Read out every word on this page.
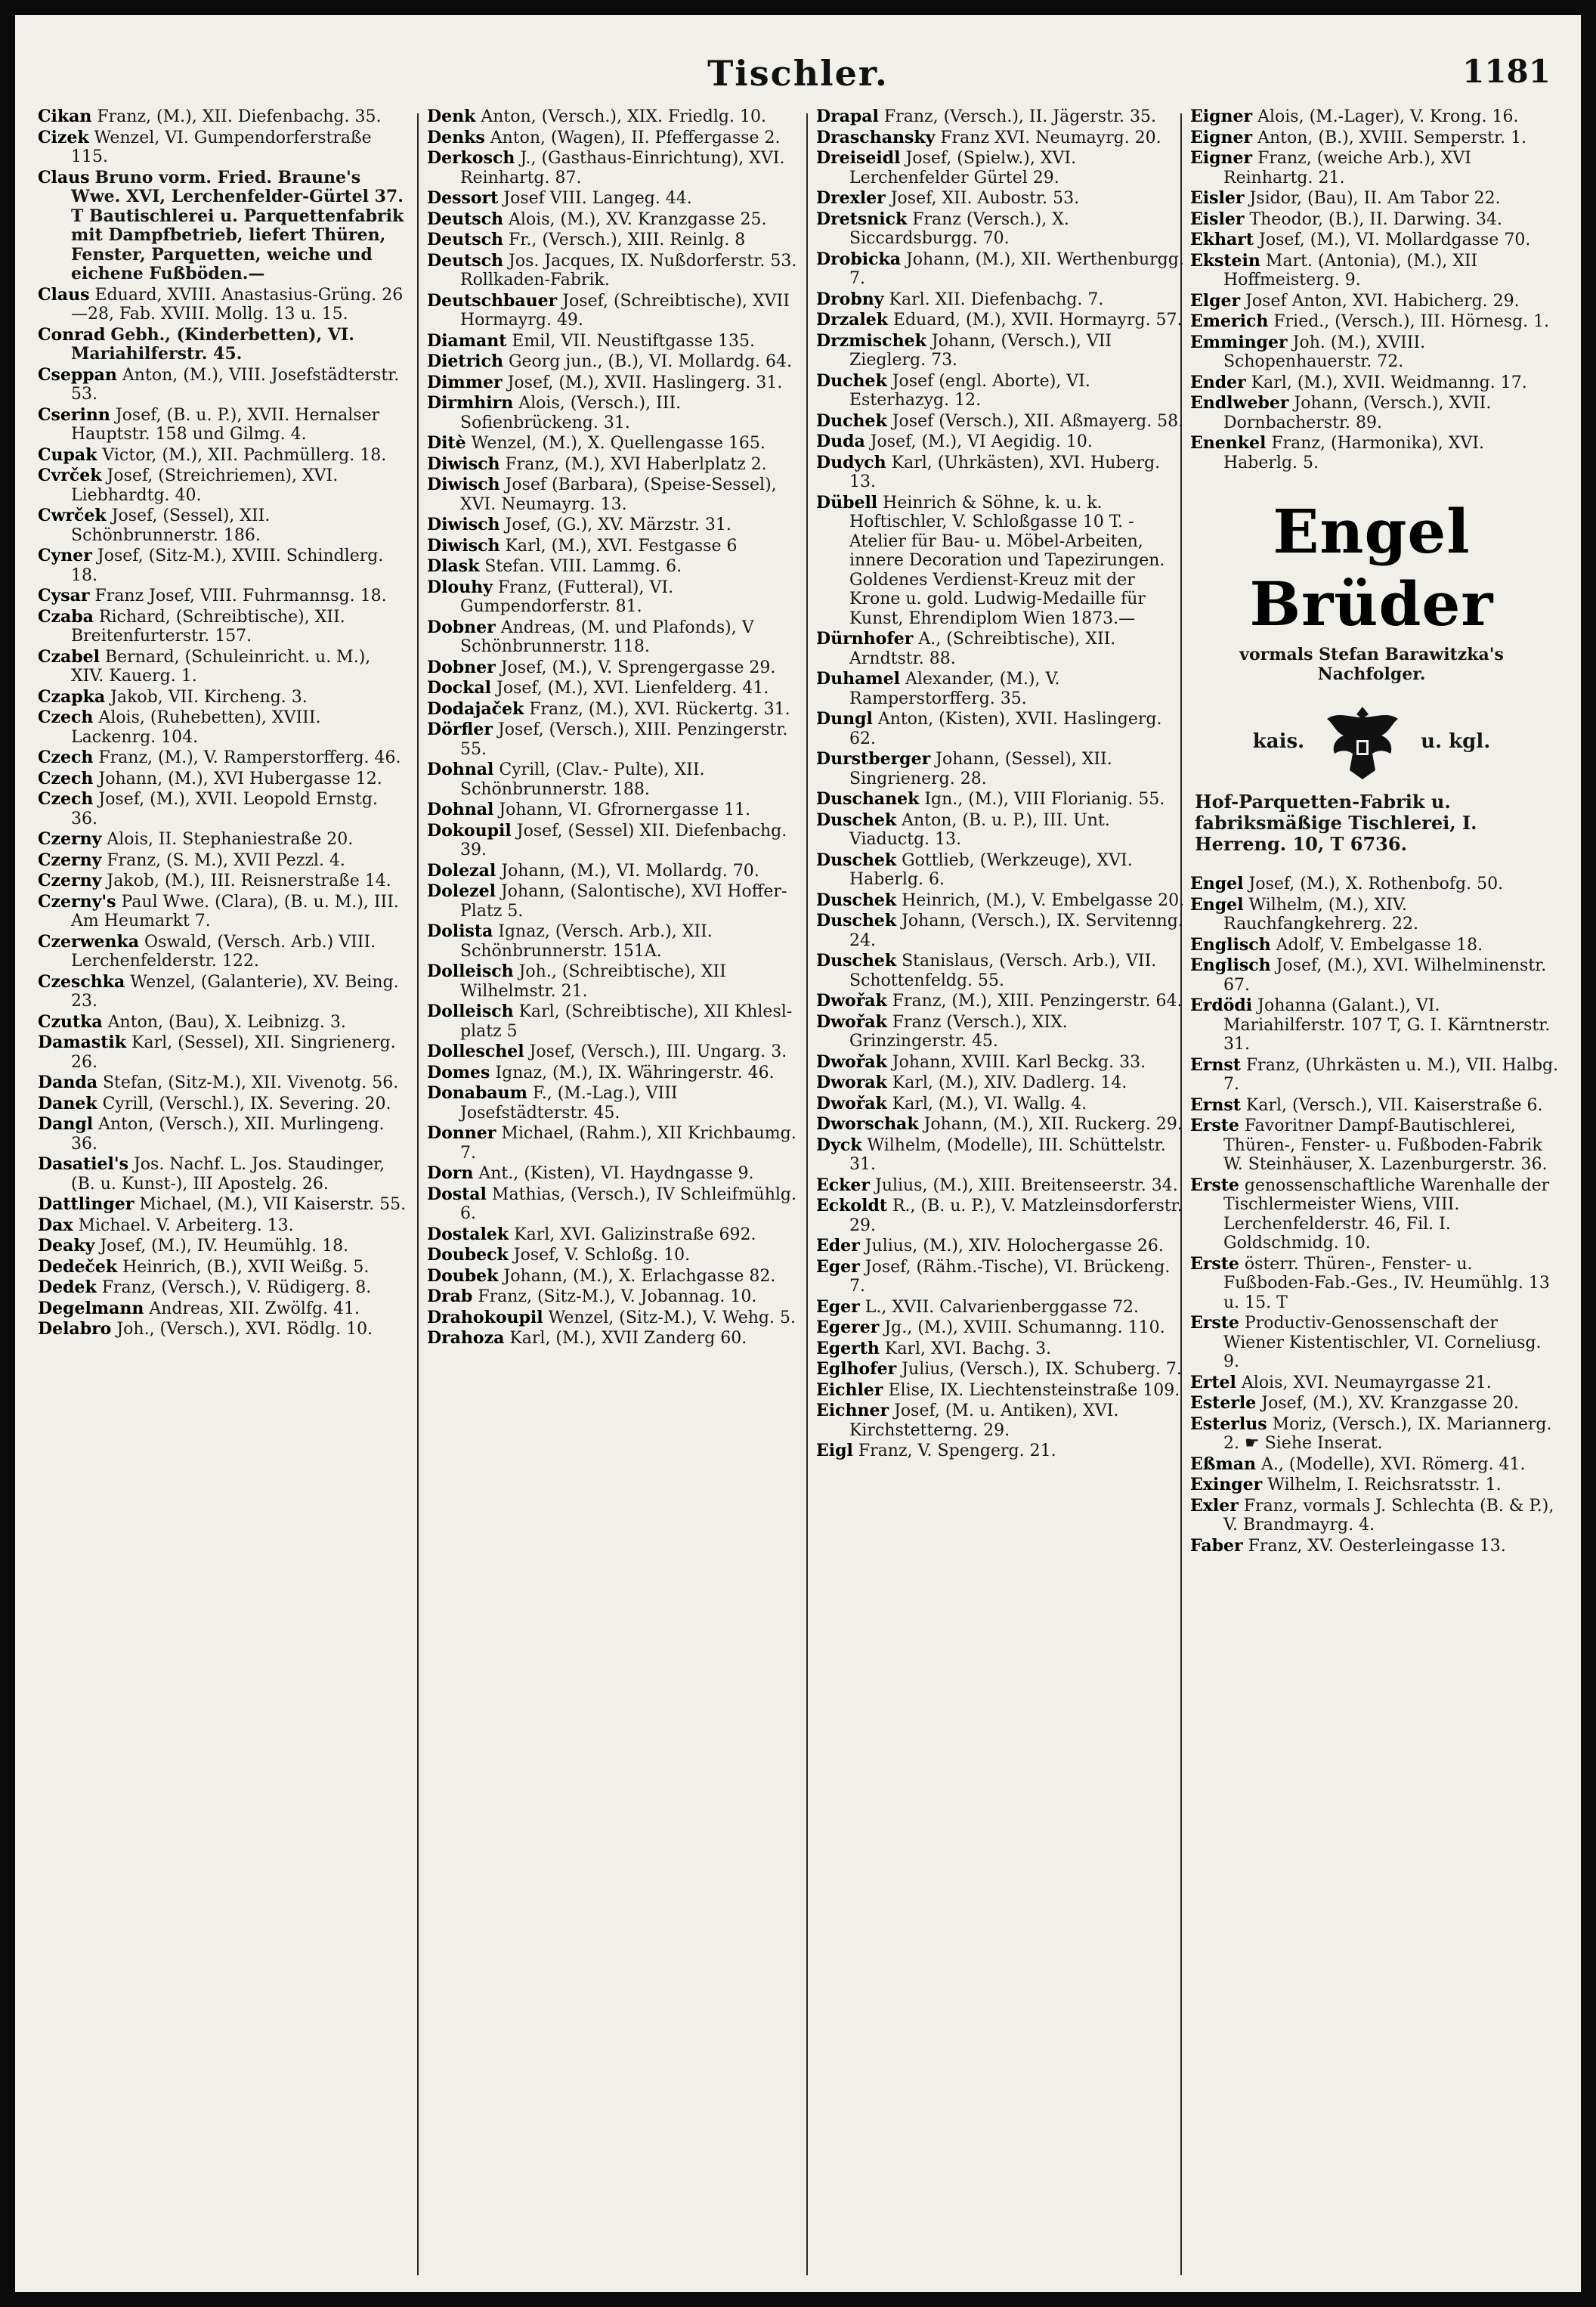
Tischler.	1181
Cikan Franz, (M.), XII. Diefenbachg. 35.
Cizek Wenzel, VI. Gumpendorferstraße 115.
Claus Bruno vorm. Fried. Braune's Wwe. XVI, Lerchenfelder-Gürtel 37. T Bautischlerei u. Parquettenfabrik mit Dampfbetrieb, liefert Thüren, Fenster, Parquetten, weiche und eichene Fußböden.—
Claus Eduard, XVIII. Anastasius-Grüng. 26—28, Fab. XVIII. Mollg. 13 u. 15.
Conrad Gebh., (Kinderbetten), VI. Mariahilferstr. 45.
Cseppan Anton, (M.), VIII. Josefstädterstr. 53.
Cserinn Josef, (B. u. P.), XVII. Hernalser Hauptstr. 158 und Gilmg. 4.
Cupak Victor, (M.), XII. Pachmüllerg. 18.
Cvrček Josef, (Streichriemen), XVI. Liebhardtg. 40.
Cwrček Josef, (Sessel), XII. Schönbrunnerstr. 186.
Cyner Josef, (Sitz-M.), XVIII. Schindlerg. 18.
Cysar Franz Josef, VIII. Fuhrmannsg. 18.
Czaba Richard, (Schreibtische), XII. Breitenfurterstr. 157.
Czabel Bernard, (Schuleinricht. u. M.), XIV. Kauerg. 1.
Czapka Jakob, VII. Kircheng. 3.
Czech Alois, (Ruhebetten), XVIII. Lackenrg. 104.
Czech Franz, (M.), V. Ramperstorfferg. 46.
Czech Johann, (M.), XVI Hubergasse 12.
Czech Josef, (M.), XVII. Leopold Ernstg. 36.
Czerny Alois, II. Stephaniestraße 20.
Czerny Franz, (S. M.), XVII Pezzl. 4.
Czerny Jakob, (M.), III. Reisnerstraße 14.
Czerny's Paul Wwe. (Clara), (B. u. M.), III. Am Heumarkt 7.
Czerwenka Oswald, (Versch. Arb.) VIII. Lerchenfelderstr. 122.
Czeschka Wenzel, (Galanterie), XV. Being. 23.
Czutka Anton, (Bau), X. Leibnizg. 3.
Damastik Karl, (Sessel), XII. Singrienerg. 26.
Danda Stefan, (Sitz-M.), XII. Vivenotg. 56.
Danek Cyrill, (Verschl.), IX. Severing. 20.
Dangl Anton, (Versch.), XII. Murlingeng. 36.
Dasatiel's Jos. Nachf. L. Jos. Staudinger, (B. u. Kunst-), III Apostelg. 26.
Dattlinger Michael, (M.), VII Kaiserstr. 55.
Dax Michael. V. Arbeiterg. 13.
Deaky Josef, (M.), IV. Heumühlg. 18.
Dedeček Heinrich, (B.), XVII Weißg. 5.
Dedek Franz, (Versch.), V. Rüdigerg. 8.
Degelmann Andreas, XII. Zwölfg. 41.
Delabro Joh., (Versch.), XVI. Rödlg. 10.
Denk Anton, (Versch.), XIX. Friedlg. 10.
Denks Anton, (Wagen), II. Pfeffergasse 2.
Derkosch J., (Gasthaus-Einrichtung), XVI. Reinhartg. 87.
Dessort Josef VIII. Langeg. 44.
Deutsch Alois, (M.), XV. Kranzgasse 25.
Deutsch Fr., (Versch.), XIII. Reinlg. 8
Deutsch Jos. Jacques, IX. Nußdorferstr. 53. Rollkaden-Fabrik.
Deutschbauer Josef, (Schreibtische), XVII Hormayrg. 49.
Diamant Emil, VII. Neustiftgasse 135.
Dietrich Georg jun., (B.), VI. Mollardg. 64.
Dimmer Josef, (M.), XVII. Haslingerg. 31.
Dirmhirn Alois, (Versch.), III. Sofienbrückeng. 31.
Ditè Wenzel, (M.), X. Quellengasse 165.
Diwisch Franz, (M.), XVI Haberlplatz 2.
Diwisch Josef (Barbara), (Speise-Sessel), XVI. Neumayrg. 13.
Diwisch Josef, (G.), XV. Märzstr. 31.
Diwisch Karl, (M.), XVI. Festgasse 6
Dlask Stefan. VIII. Lammg. 6.
Dlouhy Franz, (Futteral), VI. Gumpendorferstr. 81.
Dobner Andreas, (M. und Plafonds), V Schönbrunnerstr. 118.
Dobner Josef, (M.), V. Sprengergasse 29.
Dockal Josef, (M.), XVI. Lienfelderg. 41.
Dodajaček Franz, (M.), XVI. Rückertg. 31.
Dörfler Josef, (Versch.), XIII. Penzingerstr. 55.
Dohnal Cyrill, (Clav.- Pulte), XII. Schönbrunnerstr. 188.
Dohnal Johann, VI. Gfrornergasse 11.
Dokoupil Josef, (Sessel) XII. Diefenbachg. 39.
Dolezal Johann, (M.), VI. Mollardg. 70.
Dolezel Johann, (Salontische), XVI Hoffer-Platz 5.
Dolista Ignaz, (Versch. Arb.), XII. Schönbrunnerstr. 151A.
Dolleisch Joh., (Schreibtische), XII Wilhelmstr. 21.
Dolleisch Karl, (Schreibtische), XII Khleslplatz 5
Dolleschel Josef, (Versch.), III. Ungarg. 3.
Domes Ignaz, (M.), IX. Währingerstr. 46.
Donabaum F., (M.-Lag.), VIII Josefstädterstr. 45.
Donner Michael, (Rahm.), XII Krichbaumg. 7.
Dorn Ant., (Kisten), VI. Haydngasse 9.
Dostal Mathias, (Versch.), IV Schleifmühlg. 6.
Dostalek Karl, XVI. Galizinstraße 692.
Doubeck Josef, V. Schloßg. 10.
Doubek Johann, (M.), X. Erlachgasse 82.
Drab Franz, (Sitz-M.), V. Jobannag. 10.
Drahokoupil Wenzel, (Sitz-M.), V. Wehg. 5.
Drahoza Karl, (M.), XVII Zanderg 60.
Drapal Franz, (Versch.), II. Jägerstr. 35.
Draschansky Franz XVI. Neumayrg. 20.
Dreiseidl Josef, (Spielw.), XVI. Lerchenfelder Gürtel 29.
Drexler Josef, XII. Aubostr. 53.
Dretsnick Franz (Versch.), X. Siccardsburgg. 70.
Drobicka Johann, (M.), XII. Werthenburgg. 7.
Drobny Karl. XII. Diefenbachg. 7.
Drzalek Eduard, (M.), XVII. Hormayrg. 57.
Drzmischek Johann, (Versch.), VII Zieglerg. 73.
Duchek Josef (engl. Aborte), VI. Esterhazyg. 12.
Duchek Josef (Versch.), XII. Aßmayerg. 58.
Duda Josef, (M.), VI Aegidig. 10.
Dudych Karl, (Uhrkästen), XVI. Huberg. 13.
Dübell Heinrich & Söhne, k. u. k. Hoftischler, V. Schloßgasse 10 T. -Atelier für Bau- u. Möbel-Arbeiten, innere Decoration und Tapezirungen. Goldenes Verdienst-Kreuz mit der Krone u. gold. Ludwig-Medaille für Kunst, Ehrendiplom Wien 1873.—
Dürnhofer A., (Schreibtische), XII. Arndtstr. 88.
Duhamel Alexander, (M.), V. Ramperstorfferg. 35.
Dungl Anton, (Kisten), XVII. Haslingerg. 62.
Durstberger Johann, (Sessel), XII. Singrienerg. 28.
Duschanek Ign., (M.), VIII Florianig. 55.
Duschek Anton, (B. u. P.), III. Unt. Viaductg. 13.
Duschek Gottlieb, (Werkzeuge), XVI. Haberlg. 6.
Duschek Heinrich, (M.), V. Embelgasse 20.
Duschek Johann, (Versch.), IX. Servitenng. 24.
Duschek Stanislaus, (Versch. Arb.), VII. Schottenfeldg. 55.
Dwořak Franz, (M.), XIII. Penzingerstr. 64.
Dwořak Franz (Versch.), XIX. Grinzingerstr. 45.
Dwořak Johann, XVIII. Karl Beckg. 33.
Dworak Karl, (M.), XIV. Dadlerg. 14.
Dwořak Karl, (M.), VI. Wallg. 4.
Dworschak Johann, (M.), XII. Ruckerg. 29.
Dyck Wilhelm, (Modelle), III. Schüttelstr. 31.
Ecker Julius, (M.), XIII. Breitenseerstr. 34.
Eckoldt R., (B. u. P.), V. Matzleinsdorferstr. 29.
Eder Julius, (M.), XIV. Holochergasse 26.
Eger Josef, (Rähm.-Tische), VI. Brückeng. 7.
Eger L., XVII. Calvarienberggasse 72.
Egerer Jg., (M.), XVIII. Schumanng. 110.
Egerth Karl, XVI. Bachg. 3.
Eglhofer Julius, (Versch.), IX. Schuberg. 7.
Eichler Elise, IX. Liechtensteinstraße 109.
Eichner Josef, (M. u. Antiken), XVI. Kirchstetterng. 29.
Eigl Franz, V. Spengerg. 21.
Eigner Alois, (M.-Lager), V. Krong. 16.
Eigner Anton, (B.), XVIII. Semperstr. 1.
Eigner Franz, (weiche Arb.), XVI Reinhartg. 21.
Eisler Jsidor, (Bau), II. Am Tabor 22.
Eisler Theodor, (B.), II. Darwing. 34.
Ekhart Josef, (M.), VI. Mollardgasse 70.
Ekstein Mart. (Antonia), (M.), XII Hoffmeisterg. 9.
Elger Josef Anton, XVI. Habicherg. 29.
Emerich Fried., (Versch.), III. Hörnesg. 1.
Emminger Joh. (M.), XVIII. Schopenhauerstr. 72.
Ender Karl, (M.), XVII. Weidmanng. 17.
Endlweber Johann, (Versch.), XVII. Dornbacherstr. 89.
Enenkel Franz, (Harmonika), XVI. Haberlg. 5.
Engel Brüder
vormals Stefan Barawitzka's Nachfolger.
kais.	u. kgl.
Hof-Parquetten-Fabrik u. fabriksmäßige Tischlerei, I. Herreng. 10, T 6736.
Engel Josef, (M.), X. Rothenbofg. 50.
Engel Wilhelm, (M.), XIV. Rauchfangkehrerg. 22.
Englisch Adolf, V. Embelgasse 18.
Englisch Josef, (M.), XVI. Wilhelminenstr. 67.
Erdödi Johanna (Galant.), VI. Mariahilferstr. 107 T, G. I. Kärntnerstr. 31.
Ernst Franz, (Uhrkästen u. M.), VII. Halbg. 7.
Ernst Karl, (Versch.), VII. Kaiserstraße 6.
Erste Favoritner Dampf-Bautischlerei, Thüren-, Fenster- u. Fußboden-Fabrik W. Steinhäuser, X. Lazenburgerstr. 36.
Erste genossenschaftliche Warenhalle der Tischlermeister Wiens, VIII. Lerchenfelderstr. 46, Fil. I. Goldschmidg. 10.
Erste österr. Thüren-, Fenster- u. Fußboden-Fab.-Ges., IV. Heumühlg. 13 u. 15. T
Erste Productiv-Genossenschaft der Wiener Kistentischler, VI. Corneliusg. 9.
Ertel Alois, XVI. Neumayrgasse 21.
Esterle Josef, (M.), XV. Kranzgasse 20.
Esterlus Moriz, (Versch.), IX. Mariannerg. 2. ☛ Siehe Inserat.
Eßman A., (Modelle), XVI. Römerg. 41.
Exinger Wilhelm, I. Reichsratsstr. 1.
Exler Franz, vormals J. Schlechta (B. & P.), V. Brandmayrg. 4.
Faber Franz, XV. Oesterleingasse 13.
